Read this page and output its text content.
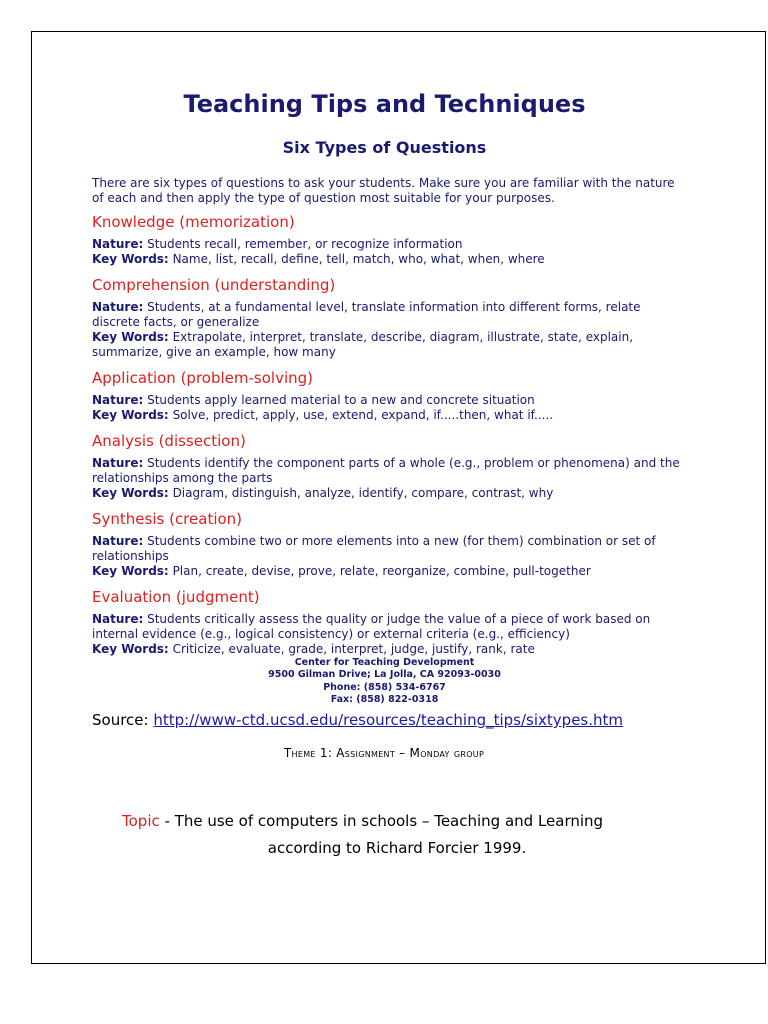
Teaching Tips and Techniques
Six Types of Questions
There are six types of questions to ask your students. Make sure you are familiar with the nature of each and then apply the type of question most suitable for your purposes.
Knowledge (memorization)
Nature: Students recall, remember, or recognize information
Key Words: Name, list, recall, define, tell, match, who, what, when, where
Comprehension (understanding)
Nature: Students, at a fundamental level, translate information into different forms, relate discrete facts, or generalize
Key Words: Extrapolate, interpret, translate, describe, diagram, illustrate, state, explain, summarize, give an example, how many
Application (problem-solving)
Nature: Students apply learned material to a new and concrete situation
Key Words: Solve, predict, apply, use, extend, expand, if.....then, what if.....
Analysis (dissection)
Nature: Students identify the component parts of a whole (e.g., problem or phenomena) and the relationships among the parts
Key Words: Diagram, distinguish, analyze, identify, compare, contrast, why
Synthesis (creation)
Nature: Students combine two or more elements into a new (for them) combination or set of relationships
Key Words: Plan, create, devise, prove, relate, reorganize, combine, pull-together
Evaluation (judgment)
Nature: Students critically assess the quality or judge the value of a piece of work based on internal evidence (e.g., logical consistency) or external criteria (e.g., efficiency)
Key Words: Criticize, evaluate, grade, interpret, judge, justify, rank, rate
Center for Teaching Development
9500 Gilman Drive; La Jolla, CA 92093-0030
Phone: (858) 534-6767
Fax: (858) 822-0318
Source: http://www-ctd.ucsd.edu/resources/teaching_tips/sixtypes.htm
Theme 1: Assignment – Monday group
Topic - The use of computers in schools – Teaching and Learning
according to Richard Forcier 1999.
